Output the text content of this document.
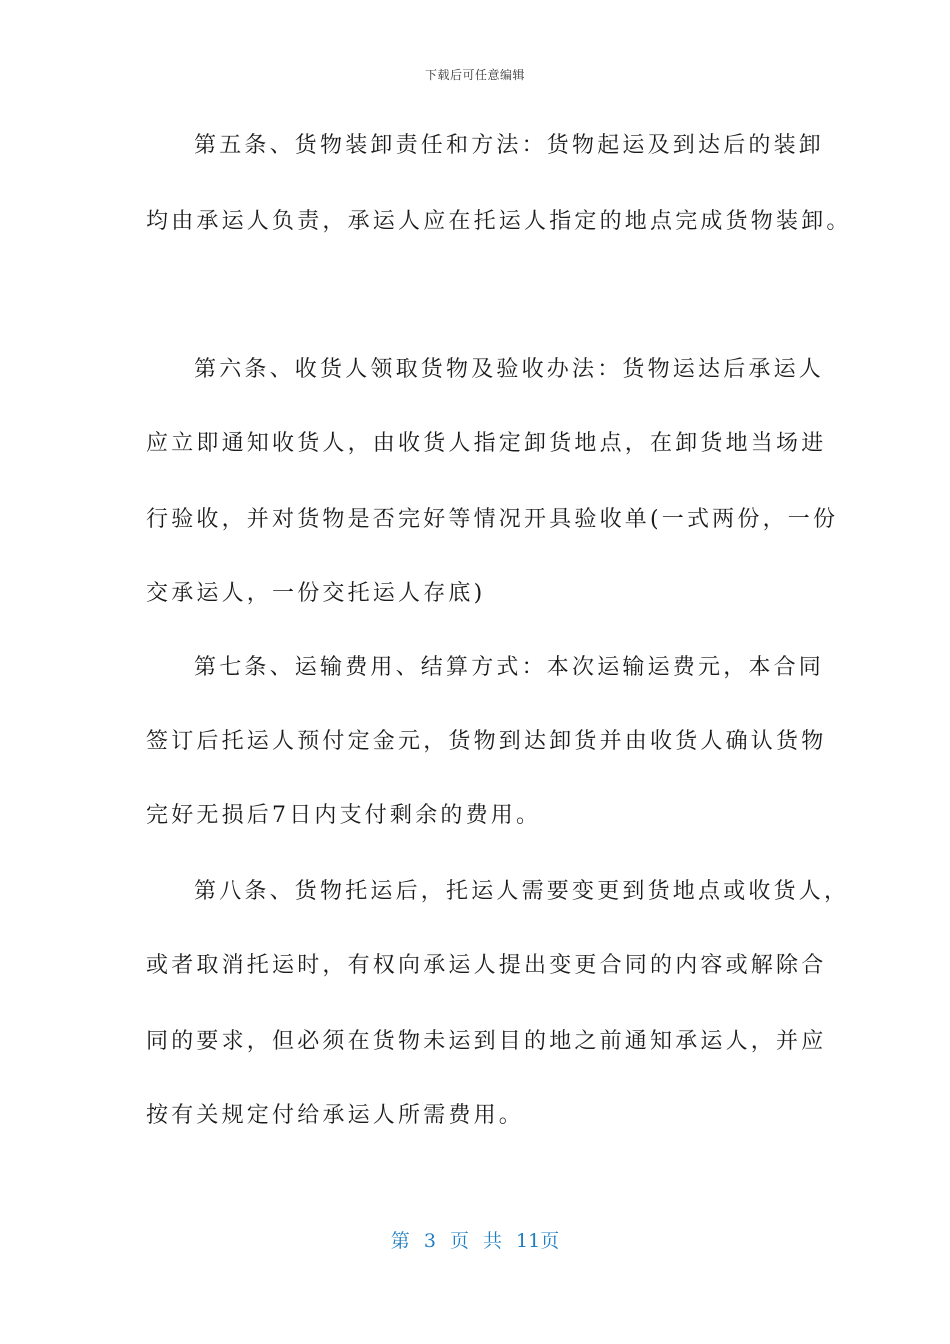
下载后可任意编辑
第五条、货物装卸责任和方法：货物起运及到达后的装卸
均由承运人负责，承运人应在托运人指定的地点完成货物装卸。
第六条、收货人领取货物及验收办法：货物运达后承运人
应立即通知收货人，由收货人指定卸货地点，在卸货地当场进
行验收，并对货物是否完好等情况开具验收单(一式两份，一份
交承运人，一份交托运人存底)
第七条、运输费用、结算方式：本次运输运费元，本合同
签订后托运人预付定金元，货物到达卸货并由收货人确认货物
完好无损后7日内支付剩余的费用。
第八条、货物托运后，托运人需要变更到货地点或收货人，
或者取消托运时，有权向承运人提出变更合同的内容或解除合
同的要求，但必须在货物未运到目的地之前通知承运人，并应
按有关规定付给承运人所需费用。
第 3 页 共 11页
